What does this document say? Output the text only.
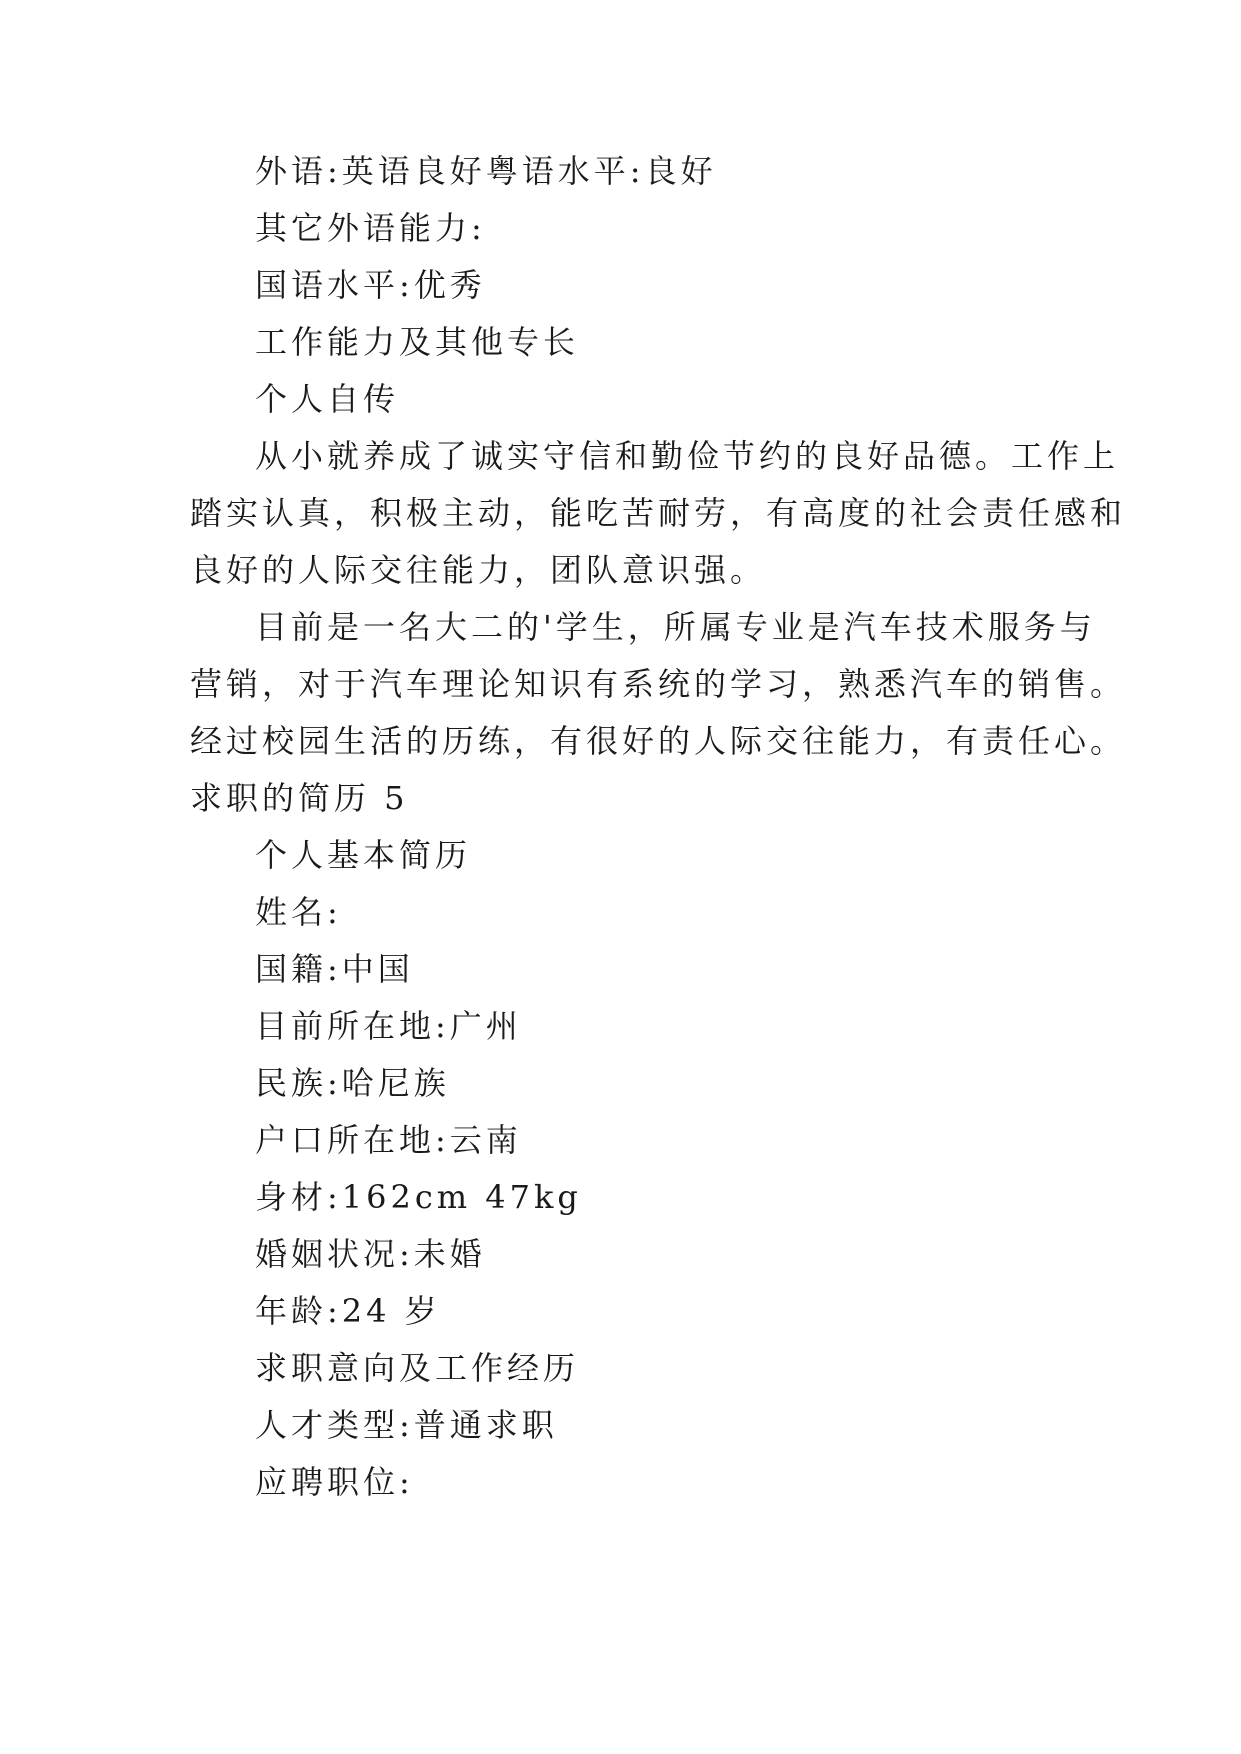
外语:英语良好粤语水平:良好
其它外语能力:
国语水平:优秀
工作能力及其他专长
个人自传
从小就养成了诚实守信和勤俭节约的良好品德。工作上
踏实认真，积极主动，能吃苦耐劳，有高度的社会责任感和
良好的人际交往能力，团队意识强。
目前是一名大二的'学生，所属专业是汽车技术服务与
营销，对于汽车理论知识有系统的学习，熟悉汽车的销售。
经过校园生活的历练，有很好的人际交往能力，有责任心。
求职的简历 5
个人基本简历
姓名:
国籍:中国
目前所在地:广州
民族:哈尼族
户口所在地:云南
身材:162cm 47kg
婚姻状况:未婚
年龄:24 岁
求职意向及工作经历
人才类型:普通求职
应聘职位:
